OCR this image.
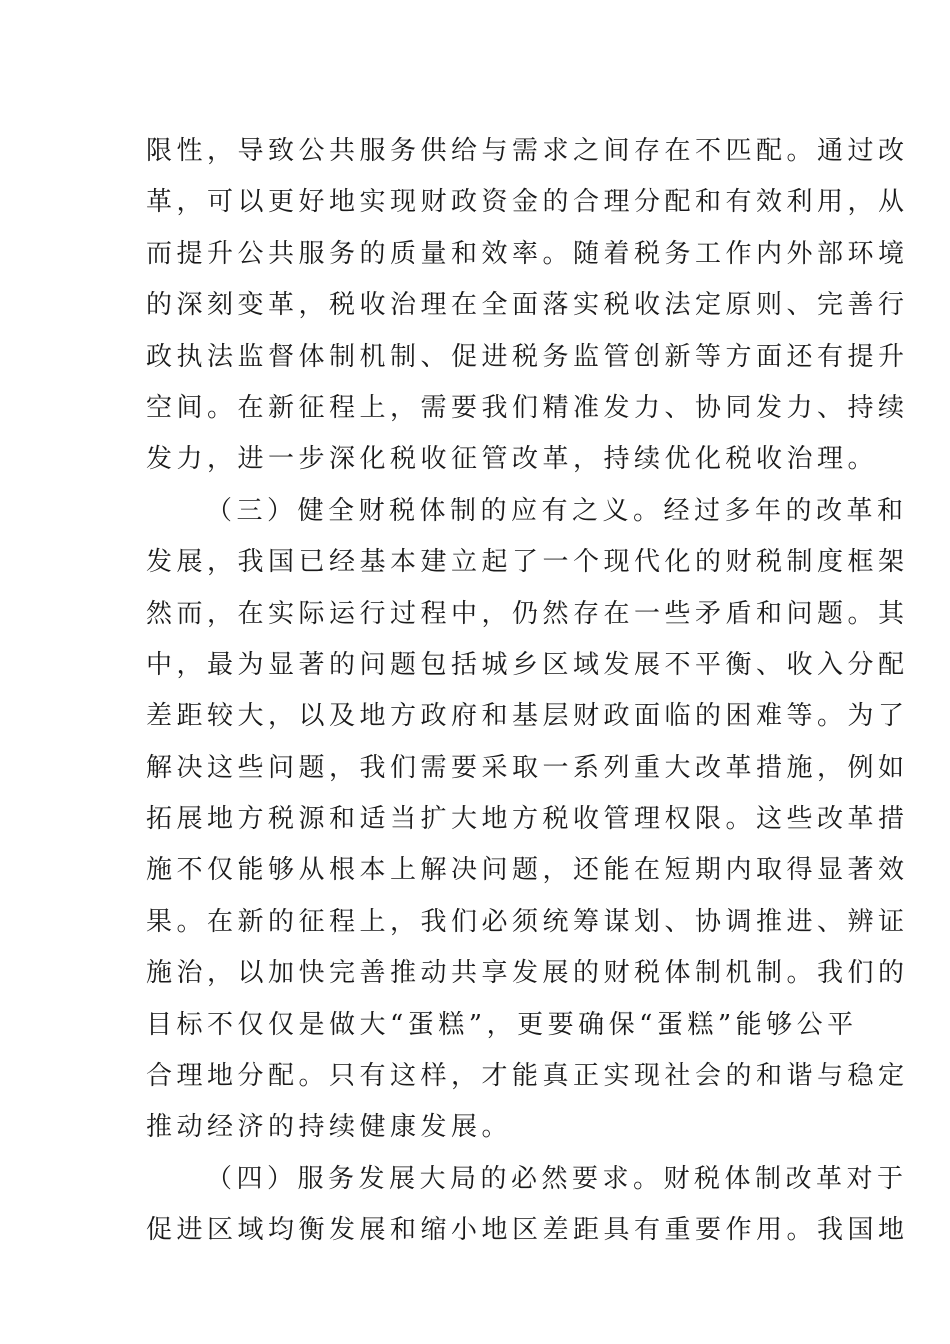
限性，导致公共服务供给与需求之间存在不匹配。通过改
革，可以更好地实现财政资金的合理分配和有效利用，从
而提升公共服务的质量和效率。随着税务工作内外部环境
的深刻变革，税收治理在全面落实税收法定原则、完善行
政执法监督体制机制、促进税务监管创新等方面还有提升
空间。在新征程上，需要我们精准发力、协同发力、持续
发力，进一步深化税收征管改革，持续优化税收治理。
（三）健全财税体制的应有之义。经过多年的改革和
发展，我国已经基本建立起了一个现代化的财税制度框架
然而，在实际运行过程中，仍然存在一些矛盾和问题。其
中，最为显著的问题包括城乡区域发展不平衡、收入分配
差距较大，以及地方政府和基层财政面临的困难等。为了
解决这些问题，我们需要采取一系列重大改革措施，例如
拓展地方税源和适当扩大地方税收管理权限。这些改革措
施不仅能够从根本上解决问题，还能在短期内取得显著效
果。在新的征程上，我们必须统筹谋划、协调推进、辨证
施治，以加快完善推动共享发展的财税体制机制。我们的
目标不仅仅是做大“蛋糕”，更要确保“蛋糕”能够公平
合理地分配。只有这样，才能真正实现社会的和谐与稳定
推动经济的持续健康发展。
（四）服务发展大局的必然要求。财税体制改革对于
促进区域均衡发展和缩小地区差距具有重要作用。我国地
